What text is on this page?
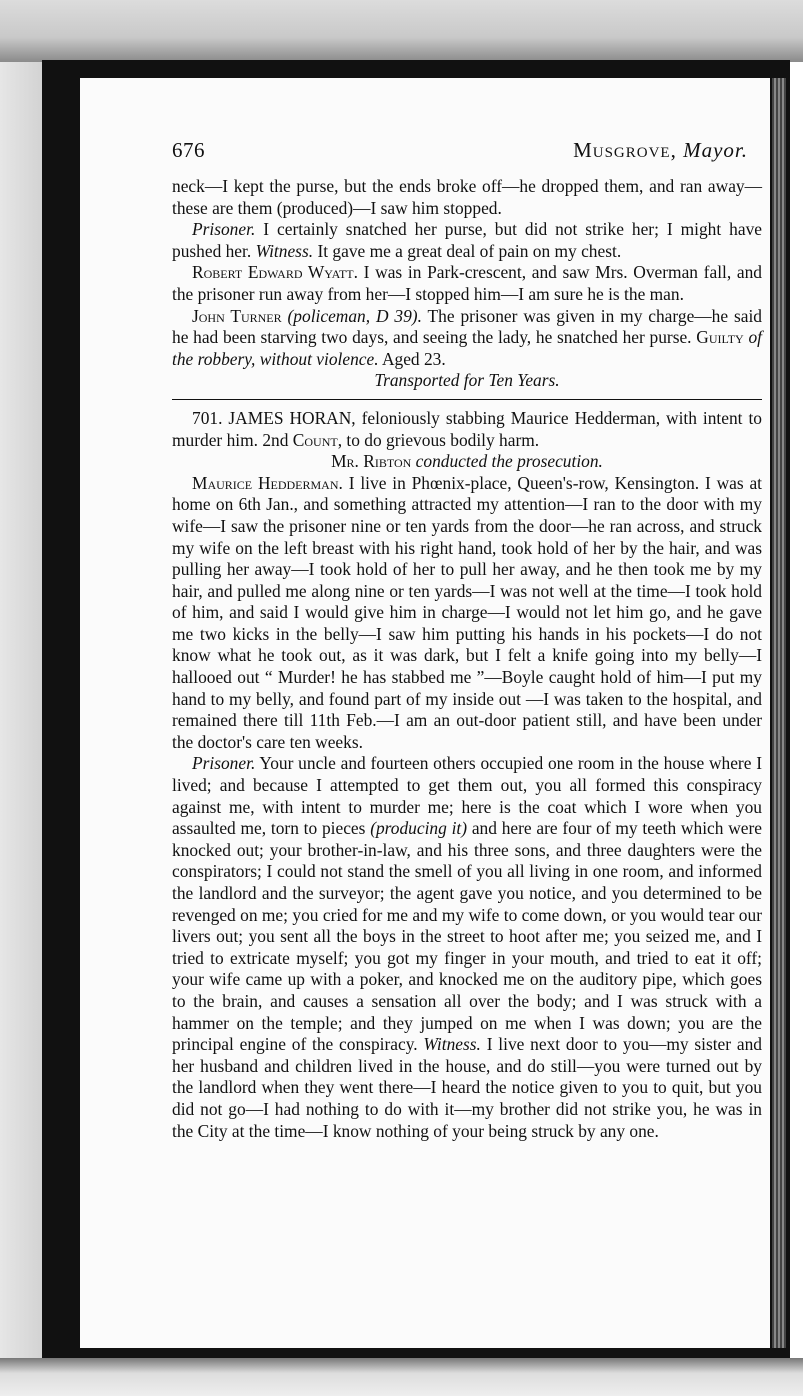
676	Musgrove, Mayor.

neck—I kept the purse, but the ends broke off—he dropped them, and ran away—these are them (produced)—I saw him stopped.

Prisoner. I certainly snatched her purse, but did not strike her; I might have pushed her. Witness. It gave me a great deal of pain on my chest.

Robert Edward Wyatt. I was in Park-crescent, and saw Mrs. Overman fall, and the prisoner run away from her—I stopped him—I am sure he is the man.

John Turner (policeman, D 39). The prisoner was given in my charge—he said he had been starving two days, and seeing the lady, he snatched her purse. Guilty of the robbery, without violence. Aged 23.

Transported for Ten Years.

701. JAMES HORAN, feloniously stabbing Maurice Hedderman, with intent to murder him. 2nd Count, to do grievous bodily harm.

Mr. Ribton conducted the prosecution.

Maurice Hedderman. I live in Phœnix-place, Queen's-row, Kensington. I was at home on 6th Jan., and something attracted my attention—I ran to the door with my wife—I saw the prisoner nine or ten yards from the door—he ran across, and struck my wife on the left breast with his right hand, took hold of her by the hair, and was pulling her away—I took hold of her to pull her away, and he then took me by my hair, and pulled me along nine or ten yards—I was not well at the time—I took hold of him, and said I would give him in charge—I would not let him go, and he gave me two kicks in the belly—I saw him putting his hands in his pockets—I do not know what he took out, as it was dark, but I felt a knife going into my belly—I hallooed out “ Murder! he has stabbed me ”—Boyle caught hold of him—I put my hand to my belly, and found part of my inside out —I was taken to the hospital, and remained there till 11th Feb.—I am an out-door patient still, and have been under the doctor's care ten weeks.

Prisoner. Your uncle and fourteen others occupied one room in the house where I lived; and because I attempted to get them out, you all formed this conspiracy against me, with intent to murder me; here is the coat which I wore when you assaulted me, torn to pieces (producing it) and here are four of my teeth which were knocked out; your brother-in-law, and his three sons, and three daughters were the conspirators; I could not stand the smell of you all living in one room, and informed the landlord and the surveyor; the agent gave you notice, and you determined to be revenged on me; you cried for me and my wife to come down, or you would tear our livers out; you sent all the boys in the street to hoot after me; you seized me, and I tried to extricate myself; you got my finger in your mouth, and tried to eat it off; your wife came up with a poker, and knocked me on the auditory pipe, which goes to the brain, and causes a sensation all over the body; and I was struck with a hammer on the temple; and they jumped on me when I was down; you are the principal engine of the conspiracy. Witness. I live next door to you—my sister and her husband and children lived in the house, and do still—you were turned out by the landlord when they went there—I heard the notice given to you to quit, but you did not go—I had nothing to do with it—my brother did not strike you, he was in the City at the time—I know nothing of your being struck by any one.
